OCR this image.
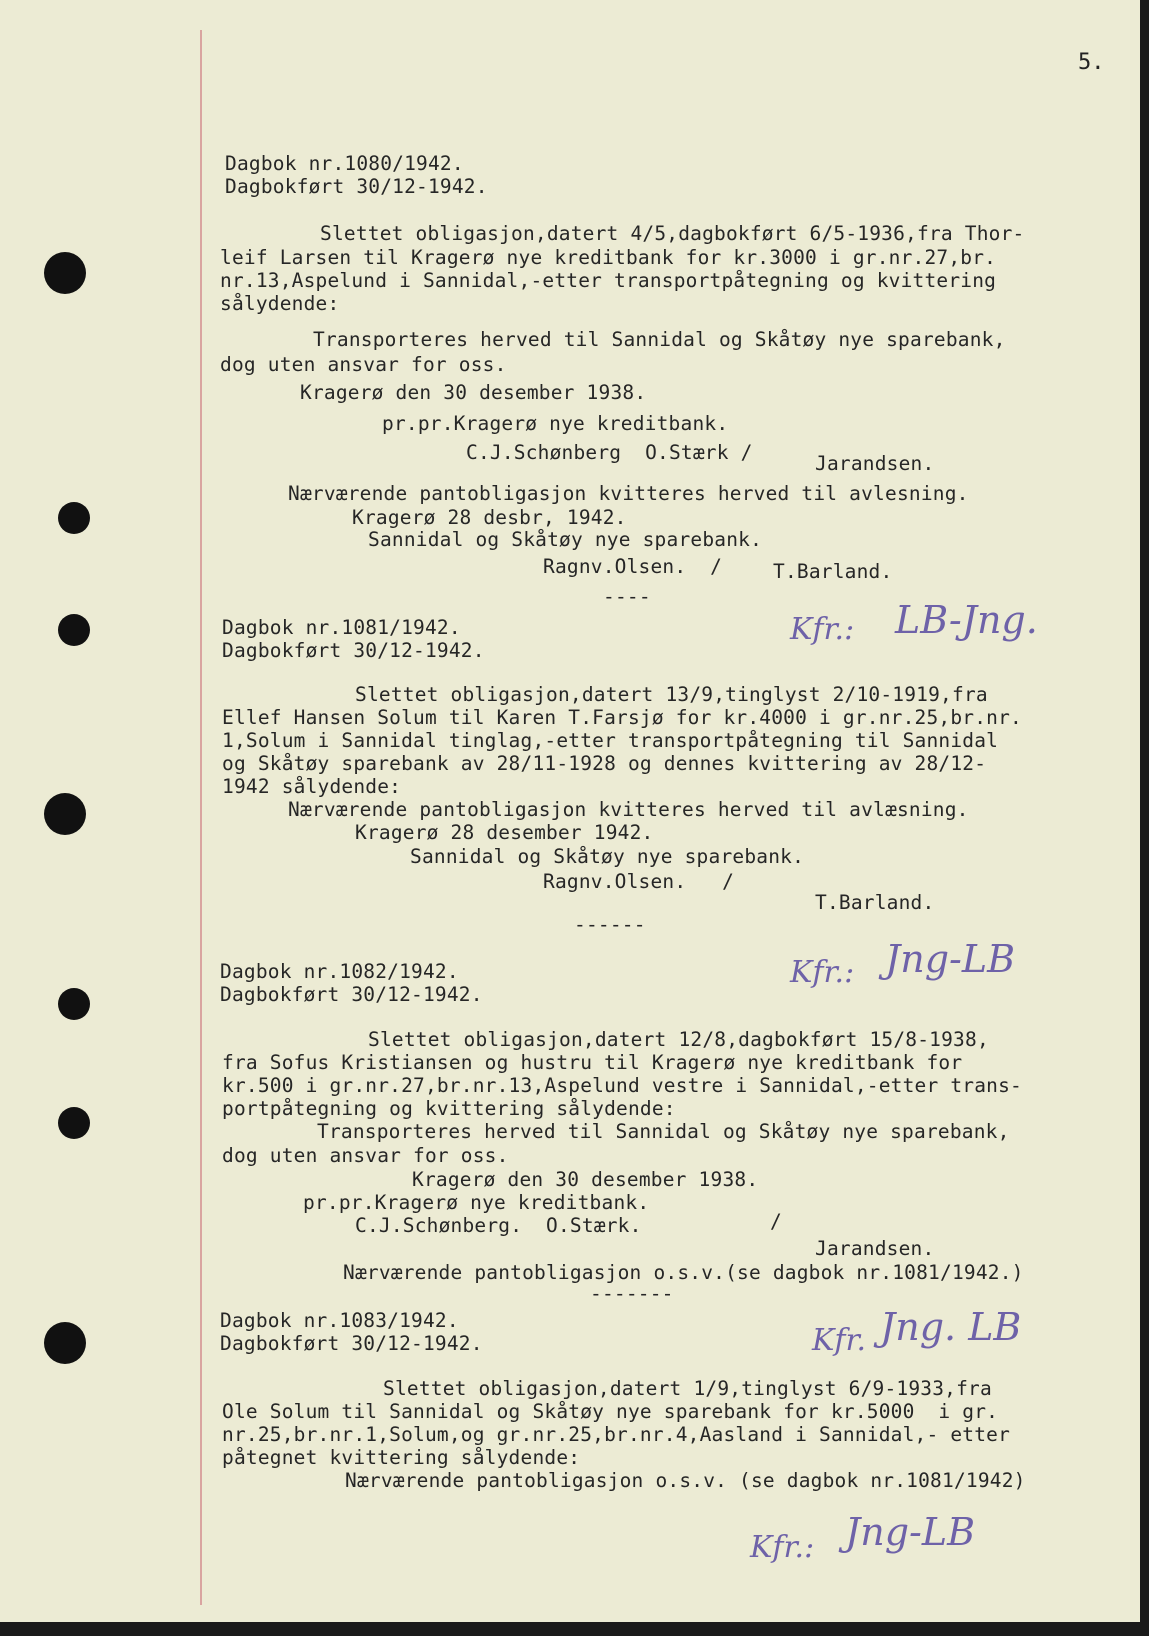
5.
Dagbok nr.1080/1942.
Dagbokført 30/12-1942.
Slettet obligasjon,datert 4/5,dagbokført 6/5-1936,fra Thor-
leif Larsen til Kragerø nye kreditbank for kr.3000 i gr.nr.27,br.
nr.13,Aspelund i Sannidal,-etter transportpåtegning og kvittering
sålydende:
Transporteres herved til Sannidal og Skåtøy nye sparebank,
dog uten ansvar for oss.
Kragerø den 30 desember 1938.
pr.pr.Kragerø nye kreditbank.
C.J.Schønberg  O.Stærk /	Jarandsen.
Nærværende pantobligasjon kvitteres herved til avlesning.
Kragerø 28 desbr, 1942.
Sannidal og Skåtøy nye sparebank.
Ragnv.Olsen.  /	T.Barland.
----
Dagbok nr.1081/1942.
Dagbokført 30/12-1942.
Kfr.: LB-Jng.
Slettet obligasjon,datert 13/9,tinglyst 2/10-1919,fra
Ellef Hansen Solum til Karen T.Farsjø for kr.4000 i gr.nr.25,br.nr.
1,Solum i Sannidal tinglag,-etter transportpåtegning til Sannidal
og Skåtøy sparebank av 28/11-1928 og dennes kvittering av 28/12-
1942 sålydende:
Nærværende pantobligasjon kvitteres herved til avlæsning.
Kragerø 28 desember 1942.
Sannidal og Skåtøy nye sparebank.
Ragnv.Olsen.   /
T.Barland.
------
Dagbok nr.1082/1942.
Dagbokført 30/12-1942.
Kfr.: Jng-LB
Slettet obligasjon,datert 12/8,dagbokført 15/8-1938,
fra Sofus Kristiansen og hustru til Kragerø nye kreditbank for
kr.500 i gr.nr.27,br.nr.13,Aspelund vestre i Sannidal,-etter trans-
portpåtegning og kvittering sålydende:
Transporteres herved til Sannidal og Skåtøy nye sparebank,
dog uten ansvar for oss.
Kragerø den 30 desember 1938.
pr.pr.Kragerø nye kreditbank.
C.J.Schønberg.  O.Stærk.	/
Jarandsen.
Nærværende pantobligasjon o.s.v.(se dagbok nr.1081/1942.)
-------
Dagbok nr.1083/1942.
Dagbokført 30/12-1942.	Kfr. Jng. LB
Slettet obligasjon,datert 1/9,tinglyst 6/9-1933,fra
Ole Solum til Sannidal og Skåtøy nye sparebank for kr.5000  i gr.
nr.25,br.nr.1,Solum,og gr.nr.25,br.nr.4,Aasland i Sannidal,- etter
påtegnet kvittering sålydende:
Nærværende pantobligasjon o.s.v. (se dagbok nr.1081/1942)
Kfr.: Jng-LB
